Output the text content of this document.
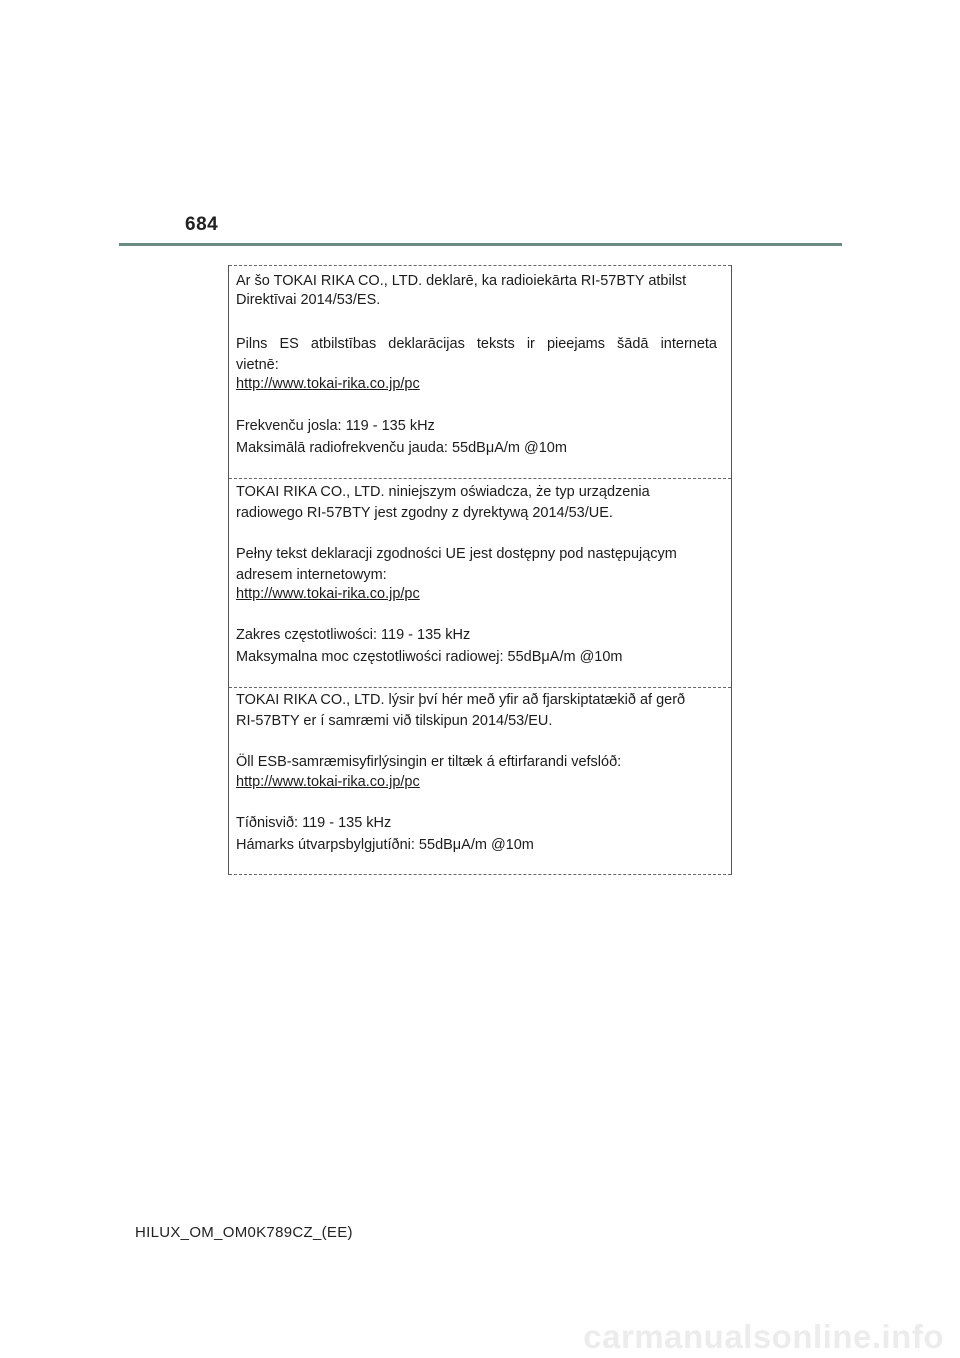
684
Ar šo TOKAI RIKA CO., LTD. deklarē, ka radioiekārta RI-57BTY atbilst
Direktīvai 2014/53/ES.
Pilns ES atbilstības deklarācijas teksts ir pieejams šādā interneta
vietnē:
http://www.tokai-rika.co.jp/pc
Frekvenču josla: 119 - 135 kHz
Maksimālā radiofrekvenču jauda: 55dBμA/m @10m
TOKAI RIKA CO., LTD. niniejszym oświadcza, że typ urządzenia
radiowego RI-57BTY jest zgodny z dyrektywą 2014/53/UE.
Pełny tekst deklaracji zgodności UE jest dostępny pod następującym
adresem internetowym:
http://www.tokai-rika.co.jp/pc
Zakres częstotliwości: 119 - 135 kHz
Maksymalna moc częstotliwości radiowej: 55dBμA/m @10m
TOKAI RIKA CO., LTD. lýsir því hér með yfir að fjarskiptatækið af gerð
RI-57BTY er í samræmi við tilskipun 2014/53/EU.
Öll ESB-samræmisyfirlýsingin er tiltæk á eftirfarandi vefslóð:
http://www.tokai-rika.co.jp/pc
Tíðnisvið: 119 - 135 kHz
Hámarks útvarpsbylgjutíðni: 55dBμA/m @10m
HILUX_OM_OM0K789CZ_(EE)
carmanualsonline.info
